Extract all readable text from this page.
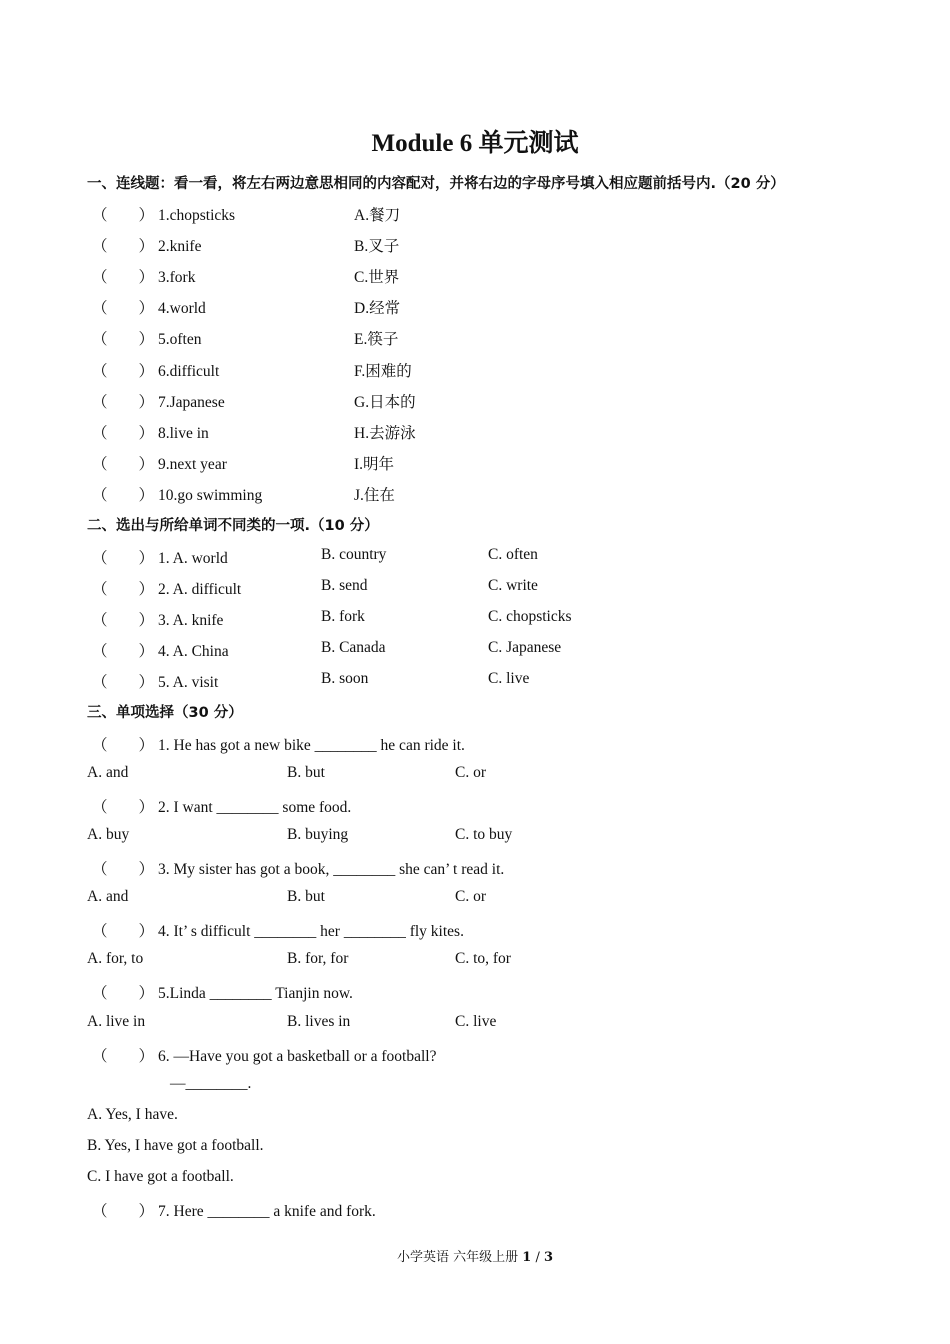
Module 6 单元测试
一、连线题：看一看，将左右两边意思相同的内容配对，并将右边的字母序号填入相应题前括号内.（20 分）
（　　） 1.chopsticks	A.餐刀
（　　） 2.knife	B.叉子
（　　） 3.fork	C.世界
（　　） 4.world	D.经常
（　　） 5.often	E.筷子
（　　） 6.difficult	F.困难的
（　　） 7.Japanese	G.日本的
（　　） 8.live in	H.去游泳
（　　） 9.next year	I.明年
（　　） 10.go swimming	J.住在
二、选出与所给单词不同类的一项.（10 分）
（　　） 1. A. world	B. country	C. often
（　　） 2. A. difficult	B. send	C. write
（　　） 3. A. knife	B. fork	C. chopsticks
（　　） 4. A. China	B. Canada	C. Japanese
（　　） 5. A. visit	B. soon	C. live
三、单项选择（30 分）
（　　） 1. He has got a new bike ________ he can ride it.
A. and	B. but	C. or
（　　） 2. I want ________ some food.
A. buy	B. buying	C. to buy
（　　） 3. My sister has got a book, ________ she can’ t read it.
A. and	B. but	C. or
（　　） 4. It’ s difficult ________ her ________ fly kites.
A. for, to	B. for, for	C. to, for
（　　） 5.Linda ________ Tianjin now.
A. live in	B. lives in	C. live
（　　） 6. —Have you got a basketball or a football?
—________.
A. Yes, I have.
B. Yes, I have got a football.
C. I have got a football.
（　　） 7. Here ________ a knife and fork.
小学英语 六年级上册 1 / 3
